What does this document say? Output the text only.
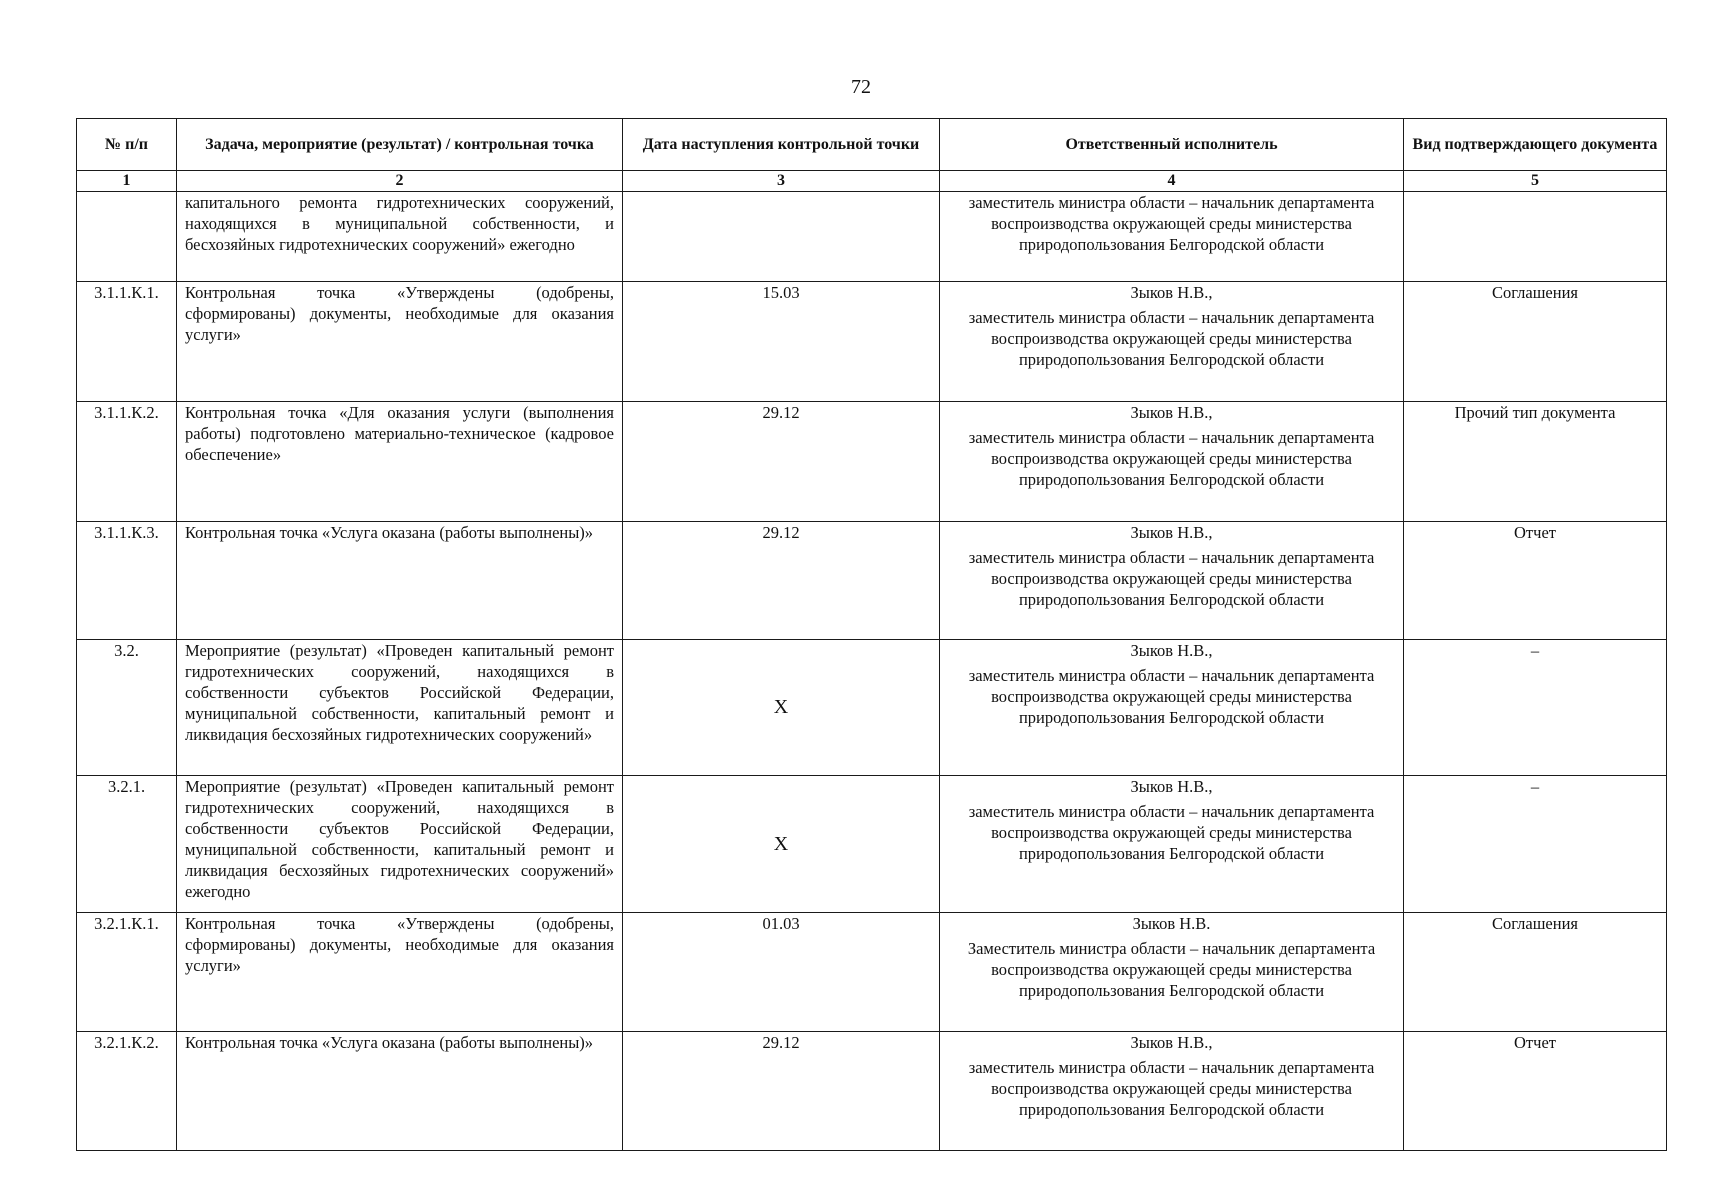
72
№ п/п	Задача, мероприятие (результат) / контрольная точка	Дата наступления контрольной точки	Ответственный исполнитель	Вид подтверждающего документа
1	2	3	4	5
	капитального ремонта гидротехнических сооружений, находящихся в муниципальной собственности, и бесхозяйных гидротехнических сооружений» ежегодно		заместитель министра области – начальник департамента воспроизводства окружающей среды министерства природопользования Белгородской области	

3.1.1.К.1.	Контрольная точка «Утверждены (одобрены, сформированы) документы, необходимые для оказания услуги»	15.03	Зыков Н.В.,
заместитель министра области – начальник департамента воспроизводства окружающей среды министерства природопользования Белгородской области	Соглашения
3.1.1.К.2.	Контрольная точка «Для оказания услуги (выполнения работы) подготовлено материально-техническое (кадровое обеспечение»	29.12	Зыков Н.В.,
заместитель министра области – начальник департамента воспроизводства окружающей среды министерства природопользования Белгородской области	Прочий тип документа
3.1.1.К.3.	Контрольная точка «Услуга оказана (работы выполнены)»	29.12	Зыков Н.В.,
заместитель министра области – начальник департамента воспроизводства окружающей среды министерства природопользования Белгородской области	Отчет
3.2.	Мероприятие (результат) «Проведен капитальный ремонт гидротехнических сооружений, находящихся в собственности субъектов Российской Федерации, муниципальной собственности, капитальный ремонт и ликвидация бесхозяйных гидротехнических сооружений»	Х	Зыков Н.В.,
заместитель министра области – начальник департамента воспроизводства окружающей среды министерства природопользования Белгородской области	–
3.2.1.	Мероприятие (результат) «Проведен капитальный ремонт гидротехнических сооружений, находящихся в собственности субъектов Российской Федерации, муниципальной собственности, капитальный ремонт и ликвидация бесхозяйных гидротехнических сооружений» ежегодно	Х	Зыков Н.В.,
заместитель министра области – начальник департамента воспроизводства окружающей среды министерства природопользования Белгородской области	–
3.2.1.К.1.	Контрольная точка «Утверждены (одобрены, сформированы) документы, необходимые для оказания услуги»	01.03	Зыков Н.В.
Заместитель министра области – начальник департамента воспроизводства окружающей среды министерства природопользования Белгородской области	Соглашения
3.2.1.К.2.	Контрольная точка «Услуга оказана (работы выполнены)»	29.12	Зыков Н.В.,
заместитель министра области – начальник департамента воспроизводства окружающей среды министерства природопользования Белгородской области	Отчет
